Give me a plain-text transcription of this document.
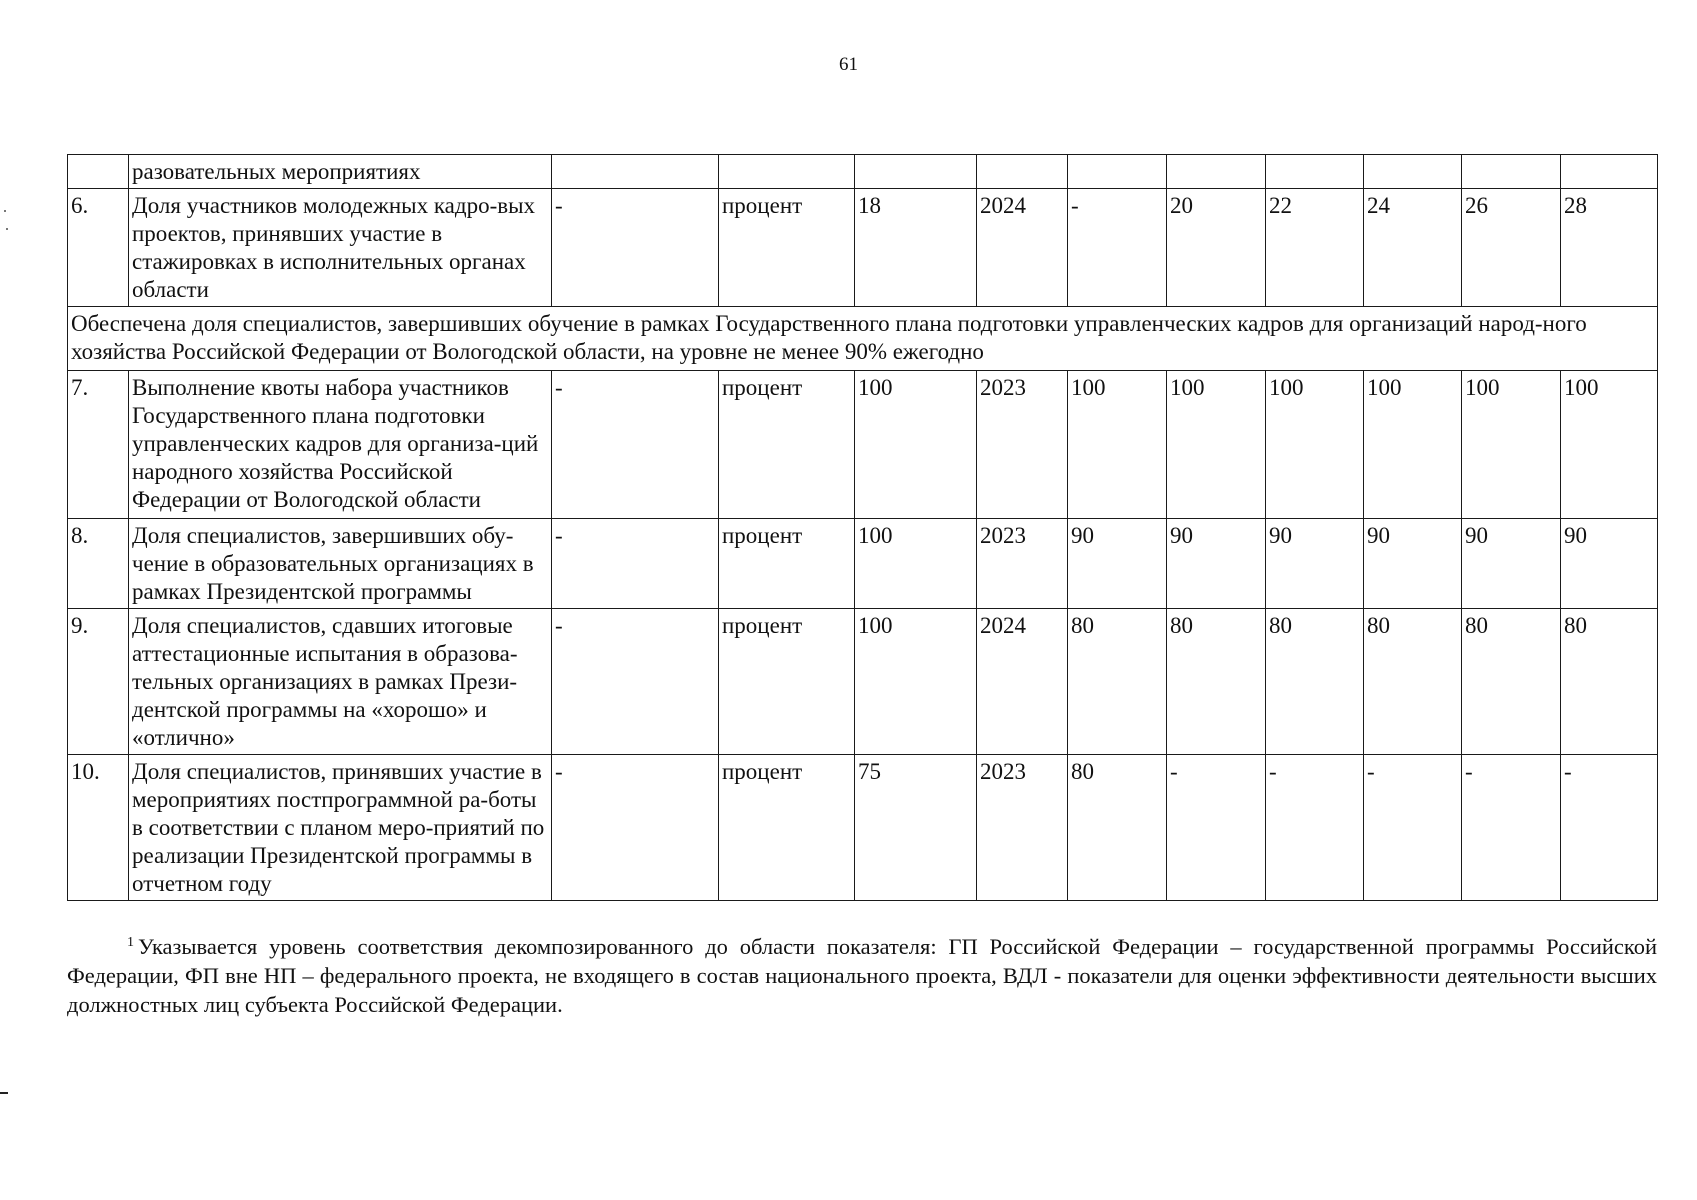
61
	разовательных мероприятиях										
6.	Доля участников молодежных кадро-вых проектов, принявших участие в стажировках в исполнительных органах области	-	процент	18	2024	-	20	22	24	26	28
Обеспечена доля специалистов, завершивших обучение в рамках Государственного плана подготовки управленческих кадров для организаций народ-ного хозяйства Российской Федерации от Вологодской области, на уровне не менее 90% ежегодно											
7.	Выполнение квоты набора участников Государственного плана подготовки управленческих кадров для организа-ций народного хозяйства Российской Федерации от Вологодской области	-	процент	100	2023	100	100	100	100	100	100
8.	Доля специалистов, завершивших обу-чение в образовательных организациях в рамках Президентской программы	-	процент	100	2023	90	90	90	90	90	90
9.	Доля специалистов, сдавших итоговые аттестационные испытания в образова-тельных организациях в рамках Прези-дентской программы на «хорошо» и «отлично»	-	процент	100	2024	80	80	80	80	80	80
10.	Доля специалистов, принявших участие в мероприятиях постпрограммной ра-боты в соответствии с планом меро-приятий по реализации Президентской программы в отчетном году	-	процент	75	2023	80	-	-	-	-	-
$^1$ Указывается уровень соответствия декомпозированного до области показателя: ГП Российской Федерации – государственной программы Российской Федерации, ФП вне НП – федерального проекта, не входящего в состав национального проекта, ВДЛ - показатели для оценки эффективности деятельности высших должностных лиц субъекта Российской Федерации.
